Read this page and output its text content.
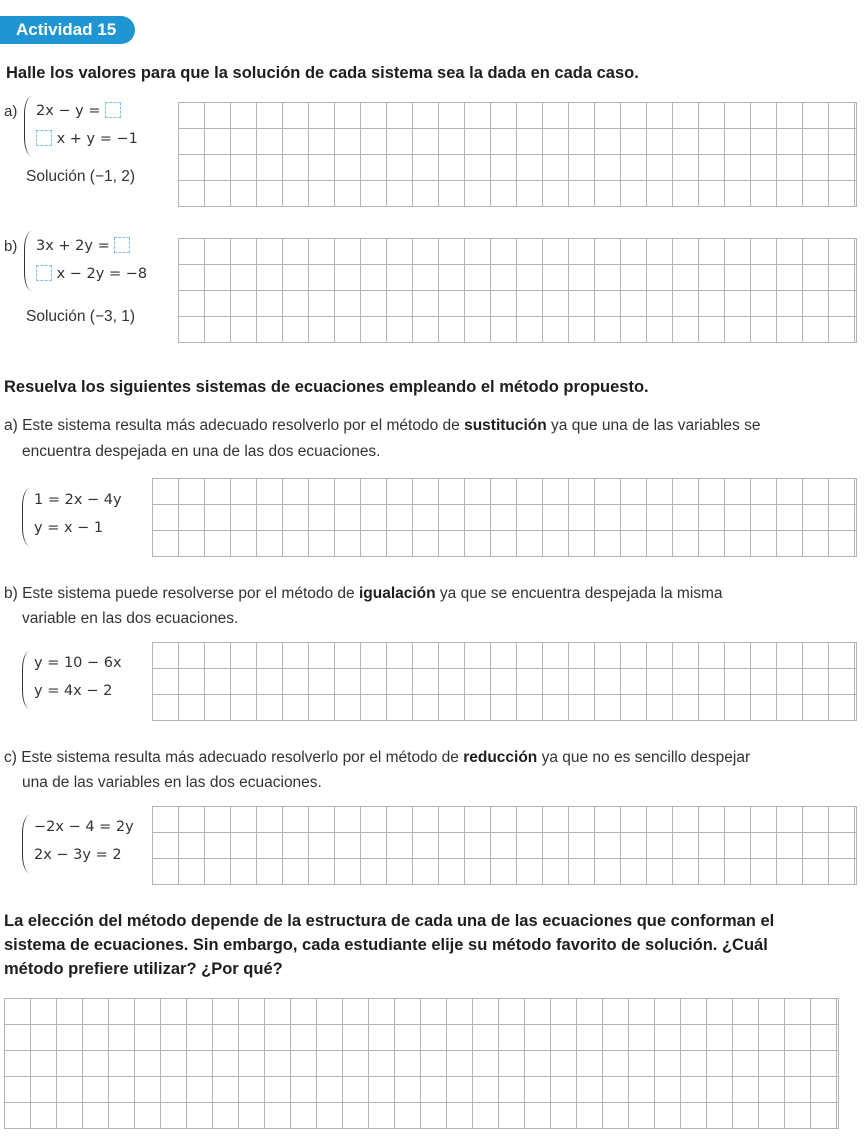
Actividad 15
Halle los valores para que la solución de cada sistema sea la dada en cada caso.
a) 2x − y =
x + y = −1
Solución (−1, 2)
b) 3x + 2y =
x − 2y = −8
Solución (−3, 1)
Resuelva los siguientes sistemas de ecuaciones empleando el método propuesto.
a) Este sistema resulta más adecuado resolverlo por el método de sustitución ya que una de las variables se
encuentra despejada en una de las dos ecuaciones.
1 = 2x − 4y
y = x − 1
b) Este sistema puede resolverse por el método de igualación ya que se encuentra despejada la misma
variable en las dos ecuaciones.
y = 10 − 6x
y = 4x − 2
c) Este sistema resulta más adecuado resolverlo por el método de reducción ya que no es sencillo despejar
una de las variables en las dos ecuaciones.
−2x − 4 = 2y
2x − 3y = 2
La elección del método depende de la estructura de cada una de las ecuaciones que conforman el
sistema de ecuaciones. Sin embargo, cada estudiante elije su método favorito de solución. ¿Cuál
método prefiere utilizar? ¿Por qué?
